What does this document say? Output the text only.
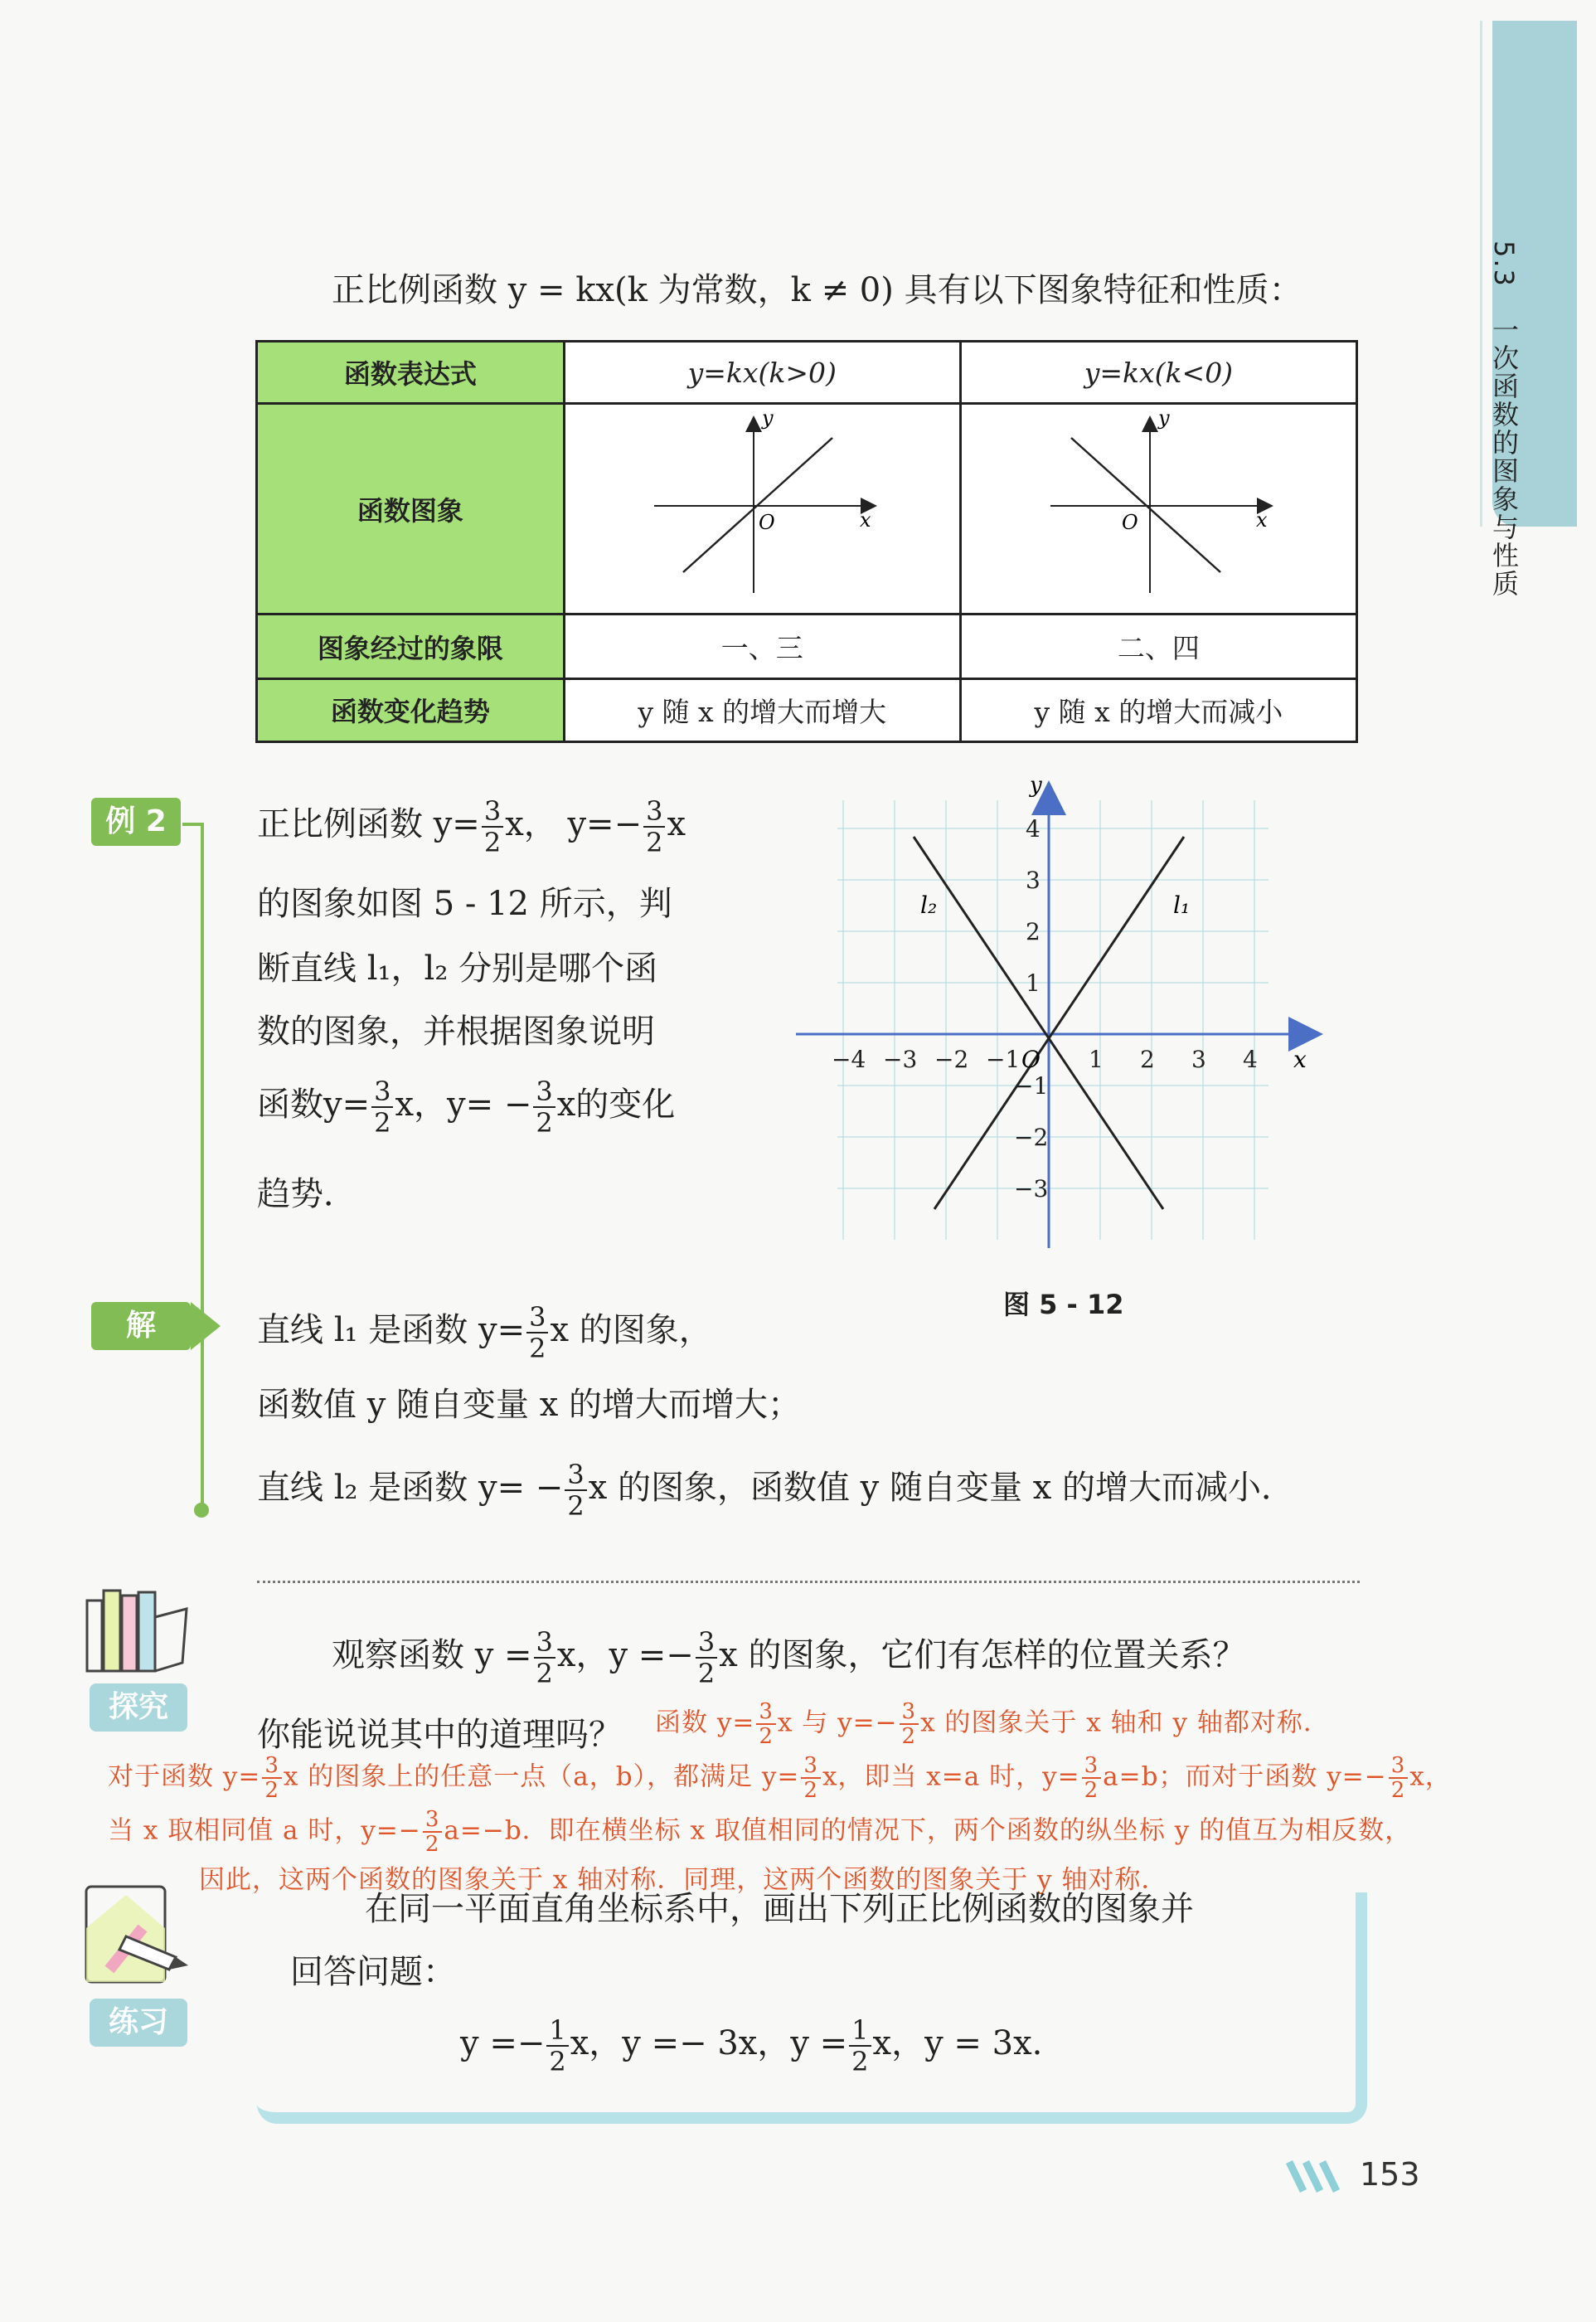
5.3　一次函数的图象与性质
正比例函数 y = kx(k 为常数，k ≠ 0) 具有以下图象特征和性质：
函数表达式	y=kx(k>0)	y=kx(k<0)
函数图象	y
x
O	y
x
O

图象经过的象限	一、三	二、四
函数变化趋势	y 随 x 的增大而增大	y 随 x 的增大而减小
例 2	正比例函数 $y= \frac{3}{2}$ x， $y=- \frac{3}{2}$ x
的图象如图 5 - 12 所示，判
断直线 l₁，l₂ 分别是哪个函
数的图象，并根据图象说明
函数$y= \frac{3}{2}$ x，$y= - \frac{3}{2}$ x的变化
趋势．
−4 −3 −2 −1	1 2 3 4
4
3
2
1
−1
−2
−3
y
x
O
l₁
l₂
图 5 - 12
解	直线 l₁ 是函数 $y= \frac{3}{2}$ x 的图象，
函数值 y 随自变量 x 的增大而增大；
直线 l₂ 是函数 $y= - \frac{3}{2}$ x 的图象，函数值 y 随自变量 x 的增大而减小．
探究
观察函数 $y = \frac{3}{2}$ x，$y =- \frac{3}{2}$ x 的图象，它们有怎样的位置关系？
你能说说其中的道理吗？ 函数 $y= \frac{3}{2}$ x 与 $y=- \frac{3}{2}$ x 的图象关于 x 轴和 y 轴都对称．
对于函数 $y= \frac{3}{2}$ x 的图象上的任意一点（a，b），都满足 $y= \frac{3}{2}$ x，即当 x=a 时，$y= \frac{3}{2} a=b$；而对于函数 $y=- \frac{3}{2}$ x，
当 x 取相同值 a 时，$y=- \frac{3}{2} a=-b$．即在横坐标 x 取值相同的情况下，两个函数的纵坐标 y 的值互为相反数，
因此，这两个函数的图象关于 x 轴对称．同理，这两个函数的图象关于 y 轴对称．
练习
在同一平面直角坐标系中，画出下列正比例函数的图象并
回答问题：
$y =- \frac{1}{2}$ x，y =− 3x，$y = \frac{1}{2}$ x，y = 3x.
153
